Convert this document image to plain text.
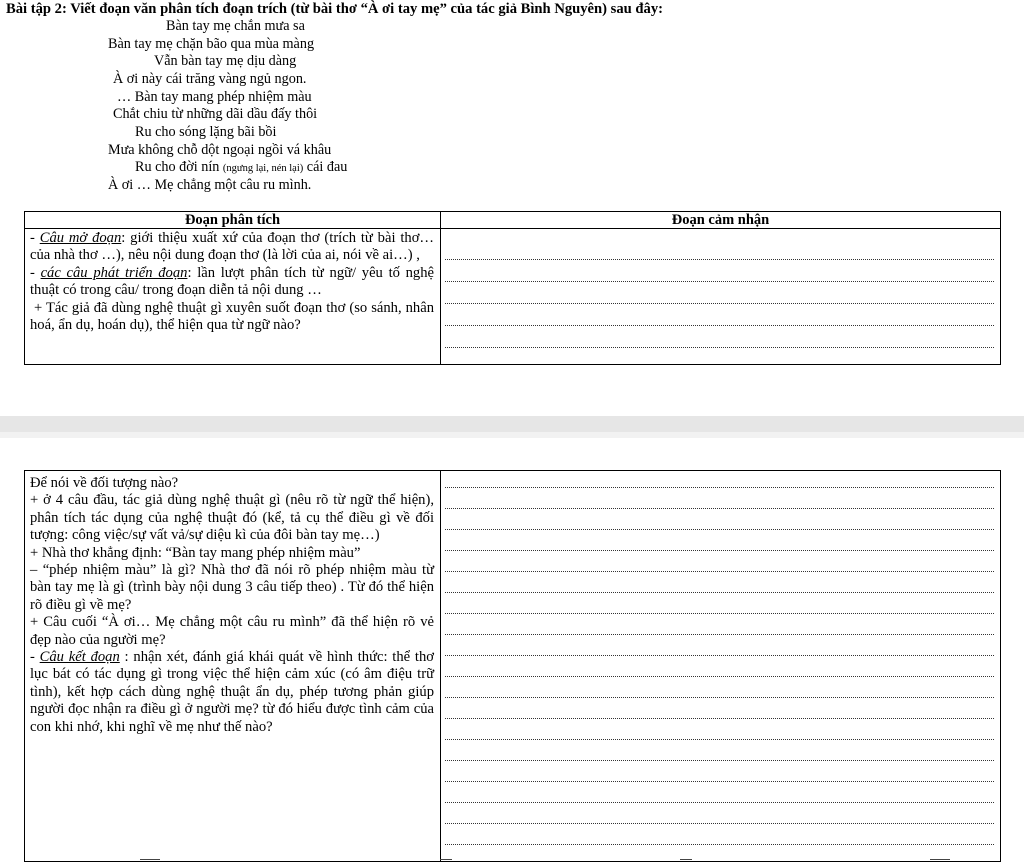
Bài tập 2: Viết đoạn văn phân tích đoạn trích (từ bài thơ “À ơi tay mẹ” của tác giả Bình Nguyên) sau đây:
Bàn tay mẹ chắn mưa sa
Bàn tay mẹ chặn bão qua mùa màng
Vẫn bàn tay mẹ dịu dàng
À ơi này cái trăng vàng ngủ ngon.
… Bàn tay mang phép nhiệm màu
Chắt chiu từ những dãi dầu đấy thôi
Ru cho sóng lặng bãi bồi
Mưa không chỗ dột ngoại ngồi vá khâu
Ru cho đời nín (ngưng lại, nén lại) cái đau
À ơi … Mẹ chẳng một câu ru mình.
Đoạn phân tích	Đoạn cảm nhận

- Câu mở đoạn: giới thiệu xuất xứ của đoạn thơ (trích từ bài thơ… của nhà thơ …), nêu nội dung đoạn thơ (là lời của ai, nói về ai…) ,
- các câu phát triển đoạn: lần lượt phân tích từ ngữ/ yêu tố nghệ thuật có trong câu/ trong đoạn diễn tả nội dung …
+ Tác giả đã dùng nghệ thuật gì xuyên suốt đoạn thơ (so sánh, nhân hoá, ẩn dụ, hoán dụ), thể hiện qua từ ngữ nào?	

Để nói về đối tượng nào?
+ ở 4 câu đầu, tác giả dùng nghệ thuật gì (nêu rõ từ ngữ thể hiện), phân tích tác dụng của nghệ thuật đó (kể, tả cụ thể điều gì về đối tượng: công việc/sự vất vả/sự diệu kì của đôi bàn tay mẹ…)
+ Nhà thơ khẳng định: “Bàn tay mang phép nhiệm màu”
– “phép nhiệm màu” là gì? Nhà thơ đã nói rõ phép nhiệm màu từ bàn tay mẹ là gì (trình bày nội dung 3 câu tiếp theo) . Từ đó thể hiện rõ điều gì về mẹ?
+ Câu cuối “À ơi… Mẹ chẳng một câu ru mình” đã thể hiện rõ vẻ đẹp nào của người mẹ?
- Câu kết đoạn : nhận xét, đánh giá khái quát về hình thức: thể thơ lục bát có tác dụng gì trong việc thể hiện cảm xúc (có âm điệu trữ tình), kết hợp cách dùng nghệ thuật ẩn dụ, phép tương phản giúp người đọc nhận ra điều gì ở người mẹ? từ đó hiểu được tình cảm của con khi nhớ, khi nghĩ về mẹ như thế nào?
